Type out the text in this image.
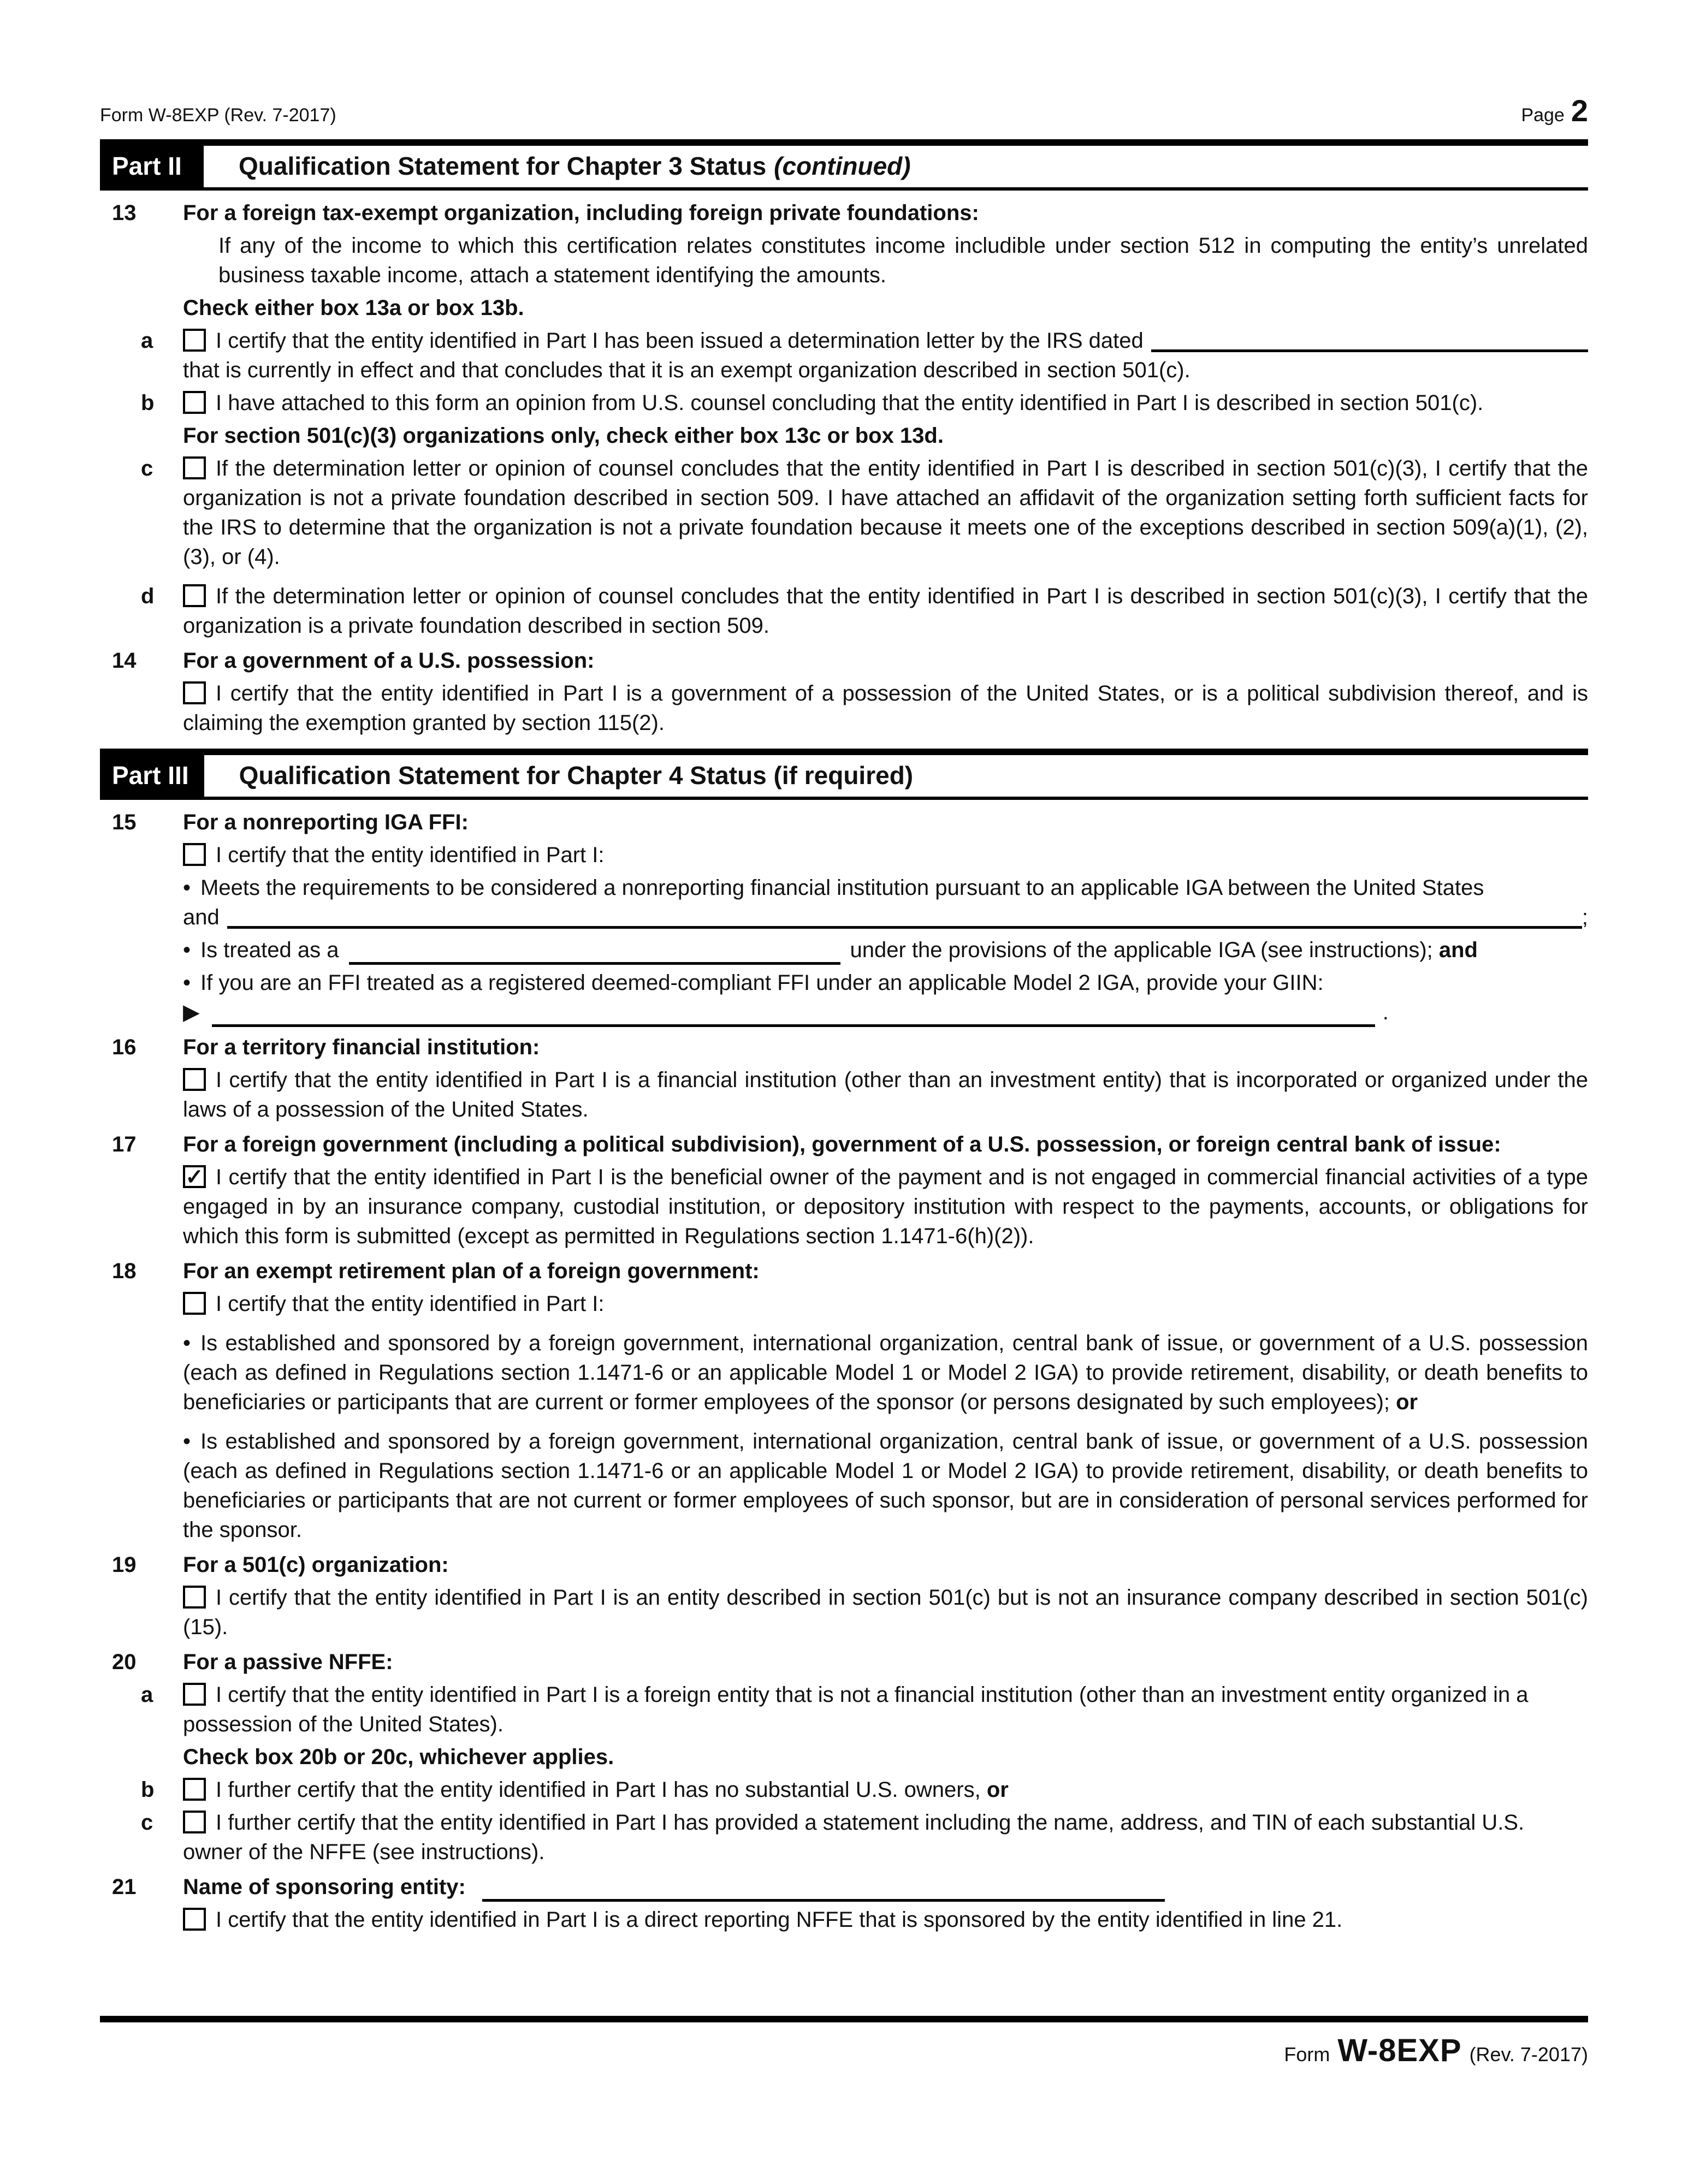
Form W-8EXP (Rev. 7-2017)	Page 2
Part II	Qualification Statement for Chapter 3 Status (continued)
13	For a foreign tax-exempt organization, including foreign private foundations:
If any of the income to which this certification relates constitutes income includible under section 512 in computing the entity’s unrelated business taxable income, attach a statement identifying the amounts.
Check either box 13a or box 13b.
a	I certify that the entity identified in Part I has been issued a determination letter by the IRS dated
that is currently in effect and that concludes that it is an exempt organization described in section 501(c).
b	I have attached to this form an opinion from U.S. counsel concluding that the entity identified in Part I is described in section 501(c).
For section 501(c)(3) organizations only, check either box 13c or box 13d.
c	If the determination letter or opinion of counsel concludes that the entity identified in Part I is described in section 501(c)(3), I certify that the organization is not a private foundation described in section 509. I have attached an affidavit of the organization setting forth sufficient facts for the IRS to determine that the organization is not a private foundation because it meets one of the exceptions described in section 509(a)(1), (2), (3), or (4).
d	If the determination letter or opinion of counsel concludes that the entity identified in Part I is described in section 501(c)(3), I certify that the organization is a private foundation described in section 509.
14	For a government of a U.S. possession:
I certify that the entity identified in Part I is a government of a possession of the United States, or is a political subdivision thereof, and is claiming the exemption granted by section 115(2).
Part III	Qualification Statement for Chapter 4 Status (if required)
15	For a nonreporting IGA FFI:
I certify that the entity identified in Part I:
• Meets the requirements to be considered a nonreporting financial institution pursuant to an applicable IGA between the United States
and	;
• Is treated as a	under the provisions of the applicable IGA (see instructions); and
• If you are an FFI treated as a registered deemed-compliant FFI under an applicable Model 2 IGA, provide your GIIN:
▶	.
16	For a territory financial institution:
I certify that the entity identified in Part I is a financial institution (other than an investment entity) that is incorporated or organized under the laws of a possession of the United States.
17	For a foreign government (including a political subdivision), government of a U.S. possession, or foreign central bank of issue:
✓ I certify that the entity identified in Part I is the beneficial owner of the payment and is not engaged in commercial financial activities of a type engaged in by an insurance company, custodial institution, or depository institution with respect to the payments, accounts, or obligations for which this form is submitted (except as permitted in Regulations section 1.1471-6(h)(2)).
18	For an exempt retirement plan of a foreign government:
I certify that the entity identified in Part I:
• Is established and sponsored by a foreign government, international organization, central bank of issue, or government of a U.S. possession (each as defined in Regulations section 1.1471-6 or an applicable Model 1 or Model 2 IGA) to provide retirement, disability, or death benefits to beneficiaries or participants that are current or former employees of the sponsor (or persons designated by such employees); or
• Is established and sponsored by a foreign government, international organization, central bank of issue, or government of a U.S. possession (each as defined in Regulations section 1.1471-6 or an applicable Model 1 or Model 2 IGA) to provide retirement, disability, or death benefits to beneficiaries or participants that are not current or former employees of such sponsor, but are in consideration of personal services performed for the sponsor.
19	For a 501(c) organization:
I certify that the entity identified in Part I is an entity described in section 501(c) but is not an insurance company described in section 501(c)(15).
20	For a passive NFFE:
a	I certify that the entity identified in Part I is a foreign entity that is not a financial institution (other than an investment entity organized in a possession of the United States).
Check box 20b or 20c, whichever applies.
b	I further certify that the entity identified in Part I has no substantial U.S. owners, or
c	I further certify that the entity identified in Part I has provided a statement including the name, address, and TIN of each substantial U.S. owner of the NFFE (see instructions).
21	Name of sponsoring entity:
I certify that the entity identified in Part I is a direct reporting NFFE that is sponsored by the entity identified in line 21.
Form W-8EXP (Rev. 7-2017)
